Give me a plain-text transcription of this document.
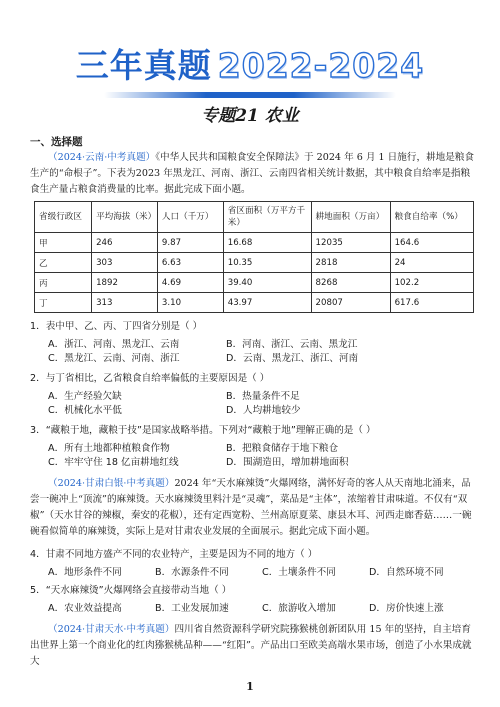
三年真题 2022-2024
专题21 农业
一、选择题
（2024·云南·中考真题）《中华人民共和国粮食安全保障法》于 2024 年 6 月 1 日施行，耕地是粮食生产的“命根子”。下表为2023 年黑龙江、河南、浙江、云南四省相关统计数据，其中粮食自给率是指粮食生产量占粮食消费量的比率。据此完成下面小题。
省级行政区	平均海拔（米）	人口（千万）	省区面积（万平方千米）	耕地面积（万亩）	粮食自给率（%）
甲	246	9.87	16.68	12035	164.6
乙	303	6.63	10.35	2818	24
丙	1892	4.69	39.40	8268	102.2
丁	313	3.10	43.97	20807	617.6
1．表中甲、乙、丙、丁四省分别是（ ）
A．浙江、河南、黑龙江、云南	B．河南、浙江、云南、黑龙江
C．黑龙江、云南、河南、浙江	D．云南、黑龙江、浙江、河南
2．与丁省相比，乙省粮食自给率偏低的主要原因是（ ）
A．生产经验欠缺	B．热量条件不足
C．机械化水平低	D．人均耕地较少
3．“藏粮于地，藏粮于技”是国家战略举措。下列对“藏粮于地”理解正确的是（ ）
A．所有土地都种植粮食作物	B．把粮食储存于地下粮仓
C．牢牢守住 18 亿亩耕地红线	D．围湖造田，增加耕地面积
（2024·甘肃白银·中考真题）2024 年“天水麻辣烫”火爆网络，满怀好奇的客人从天南地北涌来，品尝一碗冲上“顶流”的麻辣烫。天水麻辣烫里料汁是“灵魂”，菜品是“主体”，浓缩着甘肃味道。不仅有“双椒”（天水甘谷的辣椒，秦安的花椒），还有定西宽粉、兰州高原夏菜、康县木耳、河西走廊香菇……一碗碗看似简单的麻辣烫，实际上是对甘肃农业发展的全面展示。据此完成下面小题。
4．甘肃不同地方盛产不同的农业特产，主要是因为不同的地方（ ）
A．地形条件不同	B．水源条件不同	C．土壤条件不同	D．自然环境不同
5．“天水麻辣烫”火爆网络会直接带动当地（ ）
A．农业效益提高	B．工业发展加速	C．旅游收入增加	D．房价快速上涨
（2024·甘肃天水·中考真题）四川省自然资源科学研究院猕猴桃创新团队用 15 年的坚持，自主培育出世界上第一个商业化的红肉猕猴桃品种——“红阳”。产品出口至欧美高端水果市场，创造了小水果成就大
1
